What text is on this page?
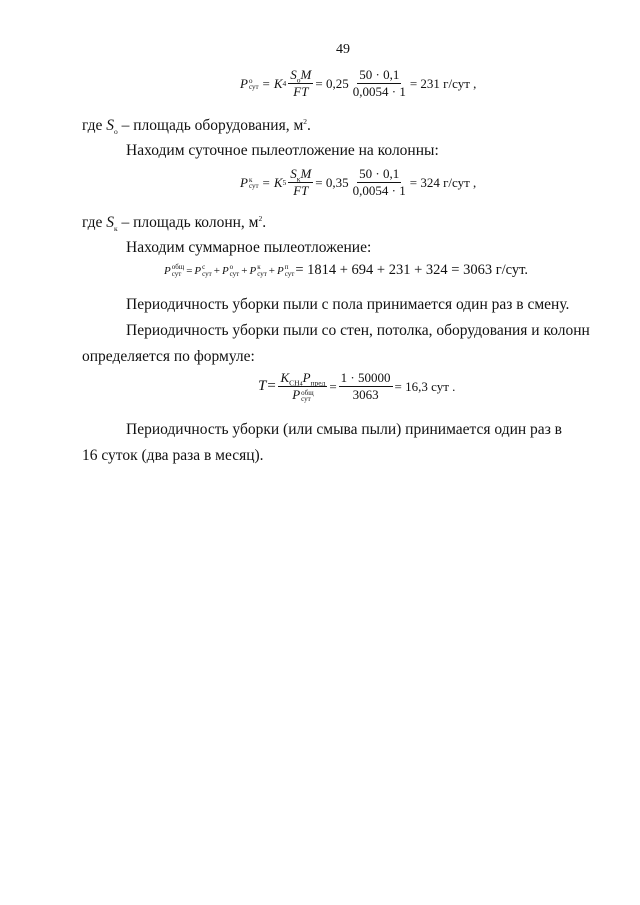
49
P о
сут = K $4 \frac{S_оM}{FT} = 0,25 \frac{50 \cdot 0,1}{0,0054 \cdot 1} = 231$ г/сут ,
где $S_о$ – площадь оборудования, $м^2$.
Находим суточное пылеотложение на колонны:
P к
сут = K $5 \frac{S_кM}{FT} = 0,35 \frac{50 \cdot 0,1}{0,0054 \cdot 1} = 324$ г/сут ,
где $S_к$ – площадь колонн, $м^2$.
Находим суммарное пылеотложение:
P общ
сут = P с
сут + P о
сут + P к
сут + P п
сут = 1814 + 694 + 231 + 324 = 3063 г/сут.
Периодичность уборки пыли с пола принимается один раз в смену.
Периодичность уборки пыли со стен, потолка, оборудования и колонн
определяется по формуле:
$T= K_{СН4}P_{пред}$
P общ
сут = $\frac{1 \cdot 50000}{3063} = 16,3$ сут .
Периодичность уборки (или смыва пыли) принимается один раз в
16 суток (два раза в месяц).
